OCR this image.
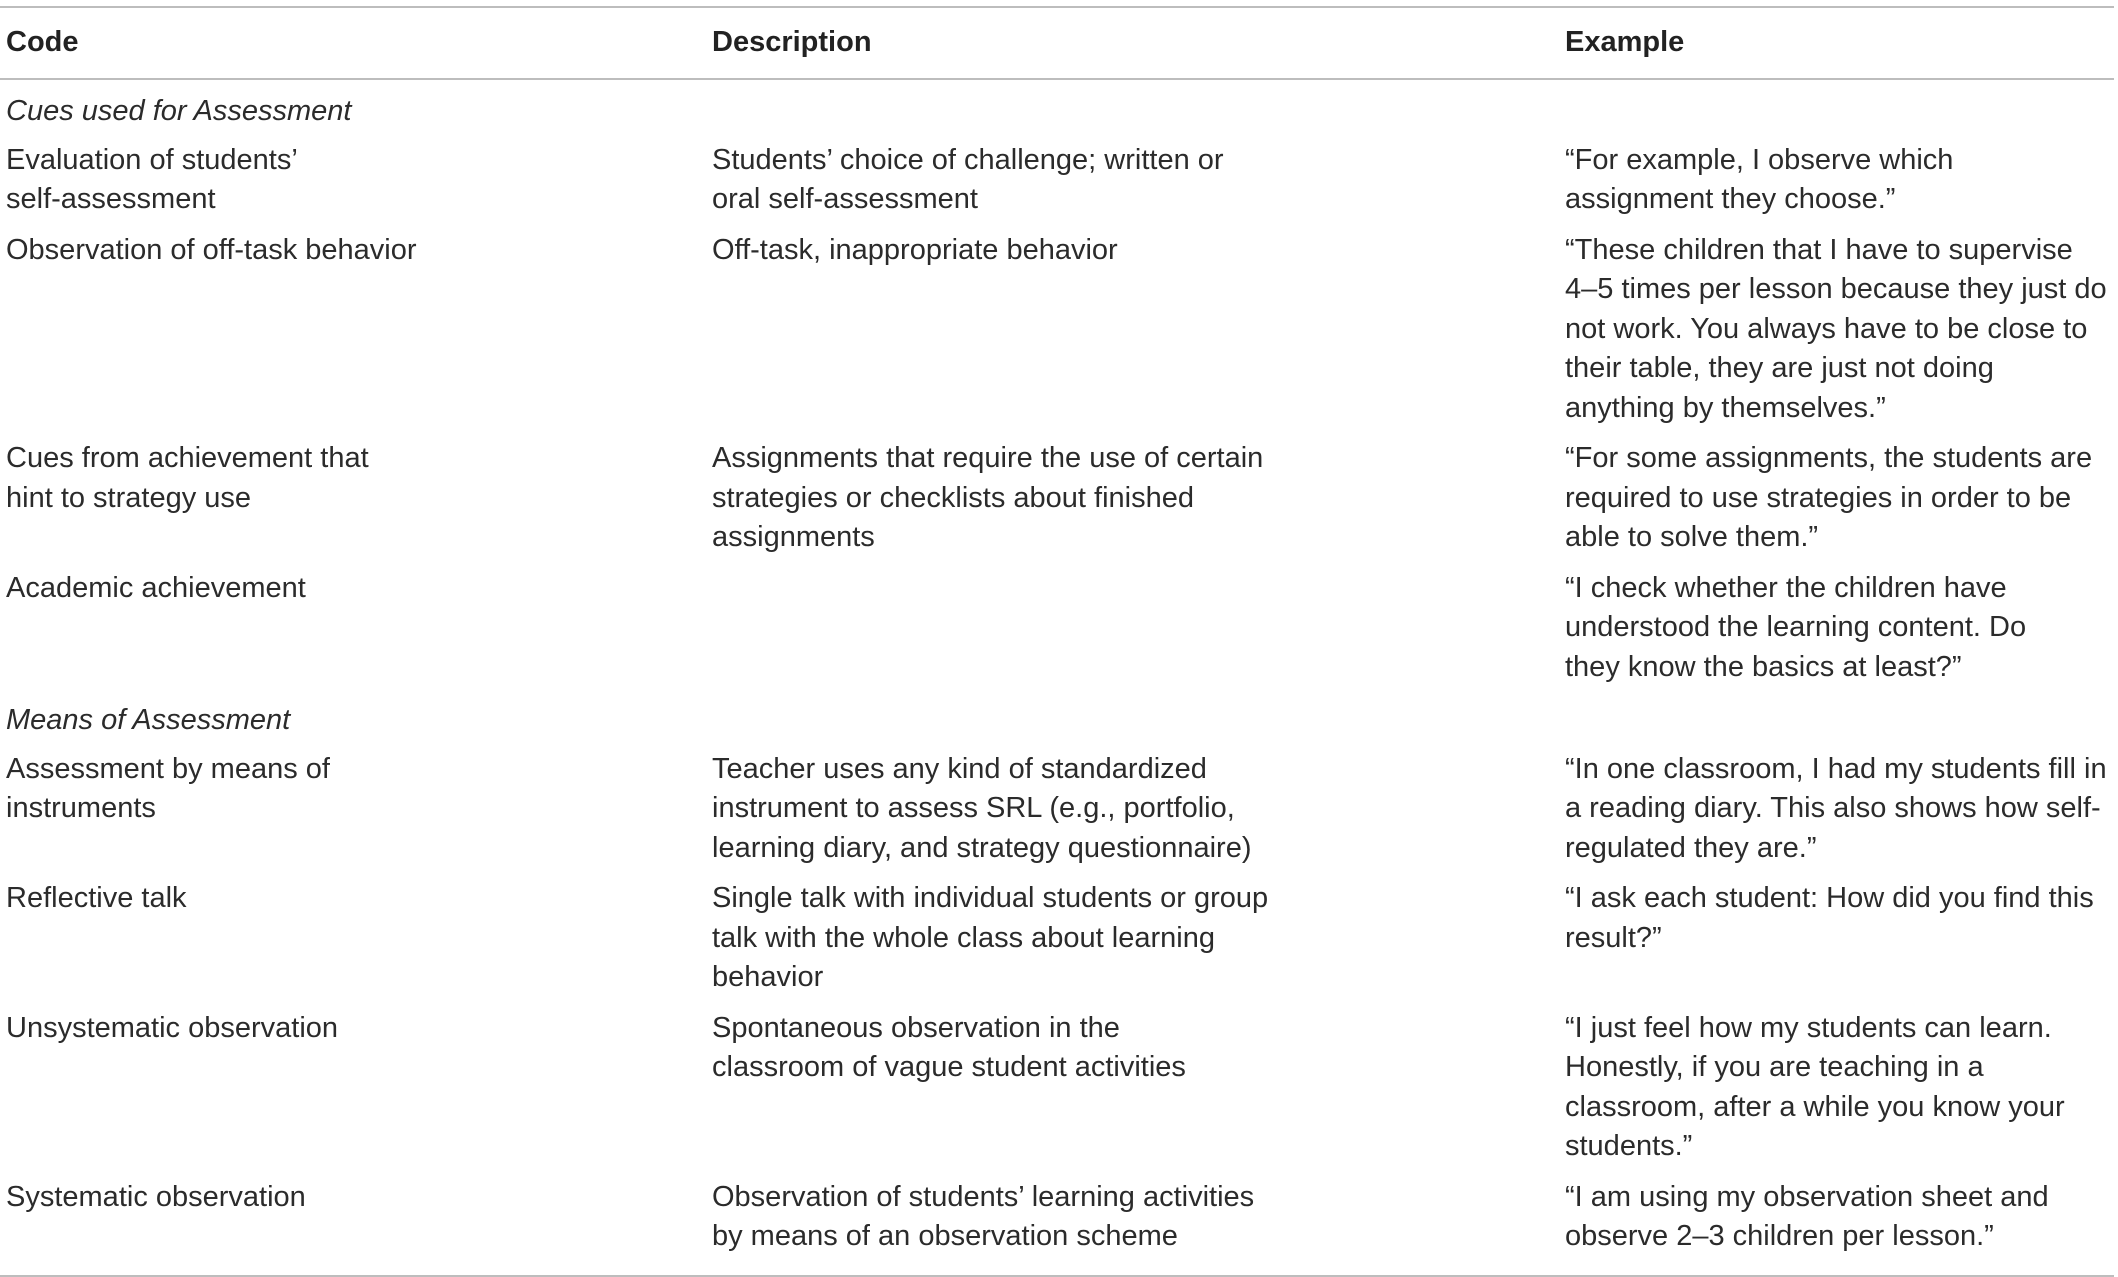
Code	Description	Example
Cues used for Assessment		

Evaluation of students’ self-assessment	Students’ choice of challenge; written or oral self-assessment	“For example, I observe which assignment they choose.”

Observation of off-task behavior	Off-task, inappropriate behavior	“These children that I have to supervise 4–5 times per lesson because they just do not work. You always have to be close to their table, they are just not doing anything by themselves.”

Cues from achievement that hint to strategy use	Assignments that require the use of certain strategies or checklists about finished assignments	“For some assignments, the students are required to use strategies in order to be able to solve them.”

Academic achievement		“I check whether the children have understood the learning content. Do they know the basics at least?”

Means of Assessment		

Assessment by means of instruments	Teacher uses any kind of standardized instrument to assess SRL (e.g., portfolio, learning diary, and strategy questionnaire)	“In one classroom, I had my students fill in a reading diary. This also shows how self-regulated they are.”

Reflective talk	Single talk with individual students or group talk with the whole class about learning behavior	“I ask each student: How did you find this result?”

Unsystematic observation	Spontaneous observation in the classroom of vague student activities	“I just feel how my students can learn. Honestly, if you are teaching in a classroom, after a while you know your students.”

Systematic observation	Observation of students’ learning activities by means of an observation scheme	“I am using my observation sheet and observe 2–3 children per lesson.”
